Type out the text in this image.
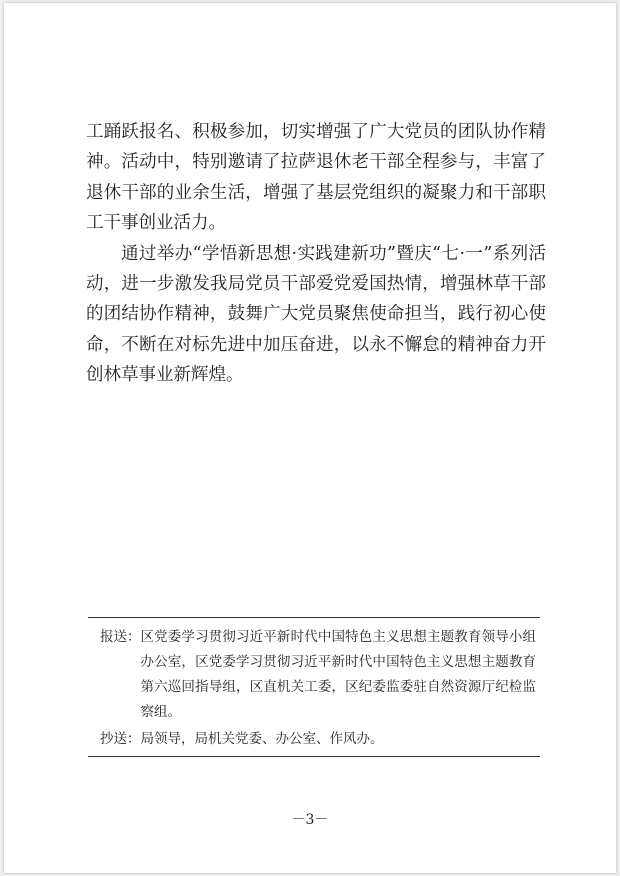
工踊跃报名、积极参加，切实增强了广大党员的团队协作精神。活动中，特别邀请了拉萨退休老干部全程参与，丰富了退休干部的业余生活，增强了基层党组织的凝聚力和干部职工干事创业活力。

通过举办“学悟新思想·实践建新功”暨庆“七·一”系列活动，进一步激发我局党员干部爱党爱国热情，增强林草干部的团结协作精神，鼓舞广大党员聚焦使命担当，践行初心使命，不断在对标先进中加压奋进，以永不懈怠的精神奋力开创林草事业新辉煌。

报送： 区党委学习贯彻习近平新时代中国特色主义思想主题教育领导小组办公室，区党委学习贯彻习近平新时代中国特色主义思想主题教育第六巡回指导组，区直机关工委，区纪委监委驻自然资源厅纪检监察组。
抄送： 局领导，局机关党委、办公室、作风办。
－3－
